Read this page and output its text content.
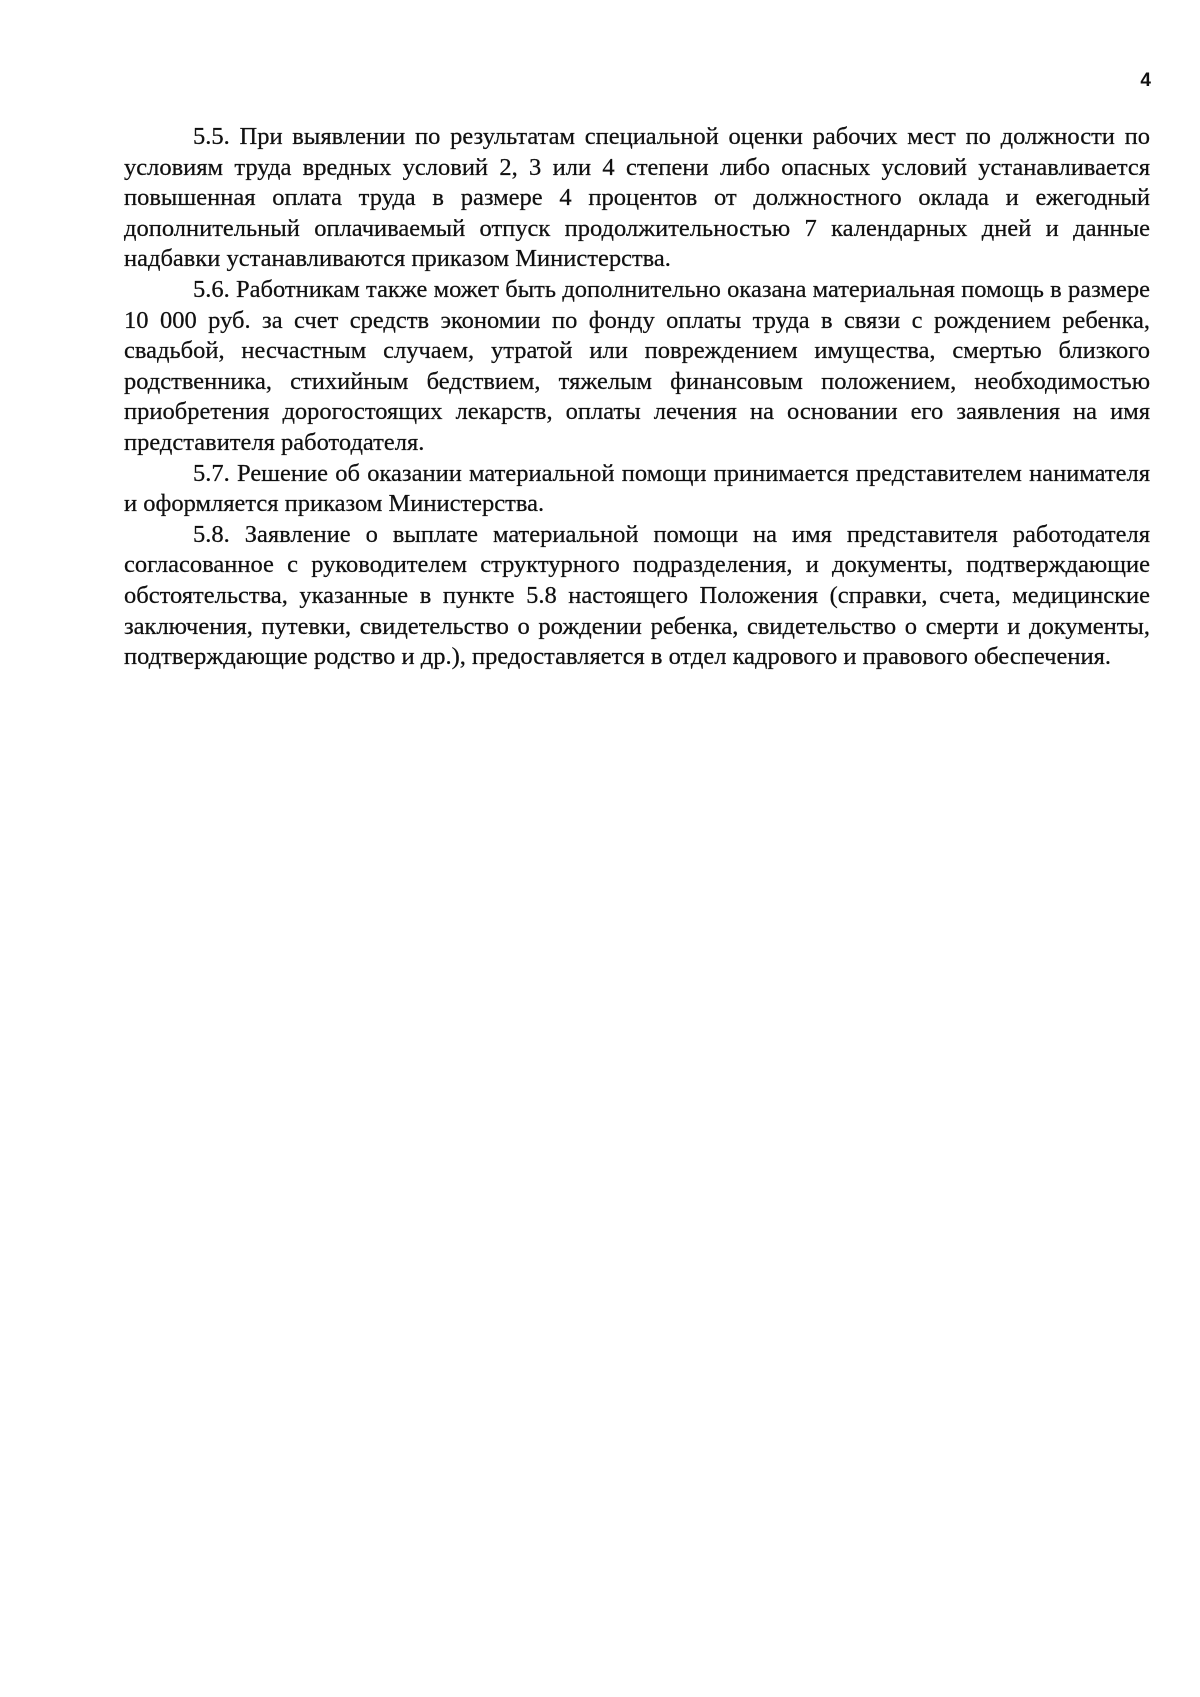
4

5.5. При выявлении по результатам специальной оценки рабочих мест по должности по условиям труда вредных условий 2, 3 или 4 степени либо опасных условий устанавливается повышенная оплата труда в размере 4 процентов от должностного оклада и ежегодный дополнительный оплачиваемый отпуск продолжительностью 7 календарных дней и данные надбавки устанавливаются приказом Министерства.

5.6. Работникам также может быть дополнительно оказана материальная помощь в размере 10 000 руб. за счет средств экономии по фонду оплаты труда в связи с рождением ребенка, свадьбой, несчастным случаем, утратой или повреждением имущества, смертью близкого родственника, стихийным бедствием, тяжелым финансовым положением, необходимостью приобретения дорогостоящих лекарств, оплаты лечения на основании его заявления на имя представителя работодателя.

5.7. Решение об оказании материальной помощи принимается представителем нанимателя и оформляется приказом Министерства.

5.8. Заявление о выплате материальной помощи на имя представителя работодателя согласованное с руководителем структурного подразделения, и документы, подтверждающие обстоятельства, указанные в пункте 5.8 настоящего Положения (справки, счета, медицинские заключения, путевки, свидетельство о рождении ребенка, свидетельство о смерти и документы, подтверждающие родство и др.), предоставляется в отдел кадрового и правового обеспечения.
